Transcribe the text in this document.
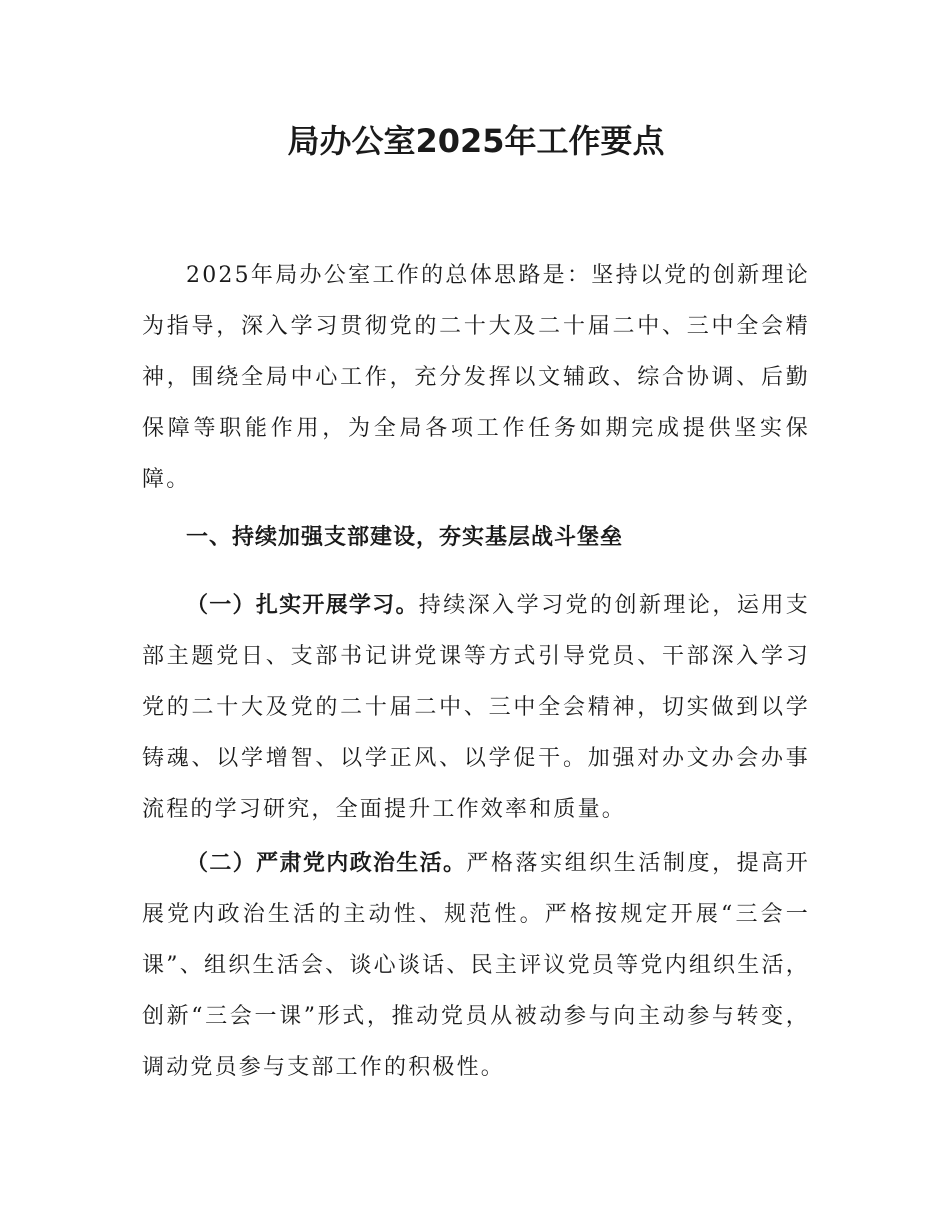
局办公室2025年工作要点

2025年局办公室工作的总体思路是：坚持以党的创新理论为指导，深入学习贯彻党的二十大及二十届二中、三中全会精神，围绕全局中心工作，充分发挥以文辅政、综合协调、后勤保障等职能作用，为全局各项工作任务如期完成提供坚实保障。

一、持续加强支部建设，夯实基层战斗堡垒

（一）扎实开展学习。持续深入学习党的创新理论，运用支部主题党日、支部书记讲党课等方式引导党员、干部深入学习党的二十大及党的二十届二中、三中全会精神，切实做到以学铸魂、以学增智、以学正风、以学促干。加强对办文办会办事流程的学习研究，全面提升工作效率和质量。

（二）严肃党内政治生活。严格落实组织生活制度，提高开展党内政治生活的主动性、规范性。严格按规定开展“三会一课”、组织生活会、谈心谈话、民主评议党员等党内组织生活，创新“三会一课”形式，推动党员从被动参与向主动参与转变，调动党员参与支部工作的积极性。
